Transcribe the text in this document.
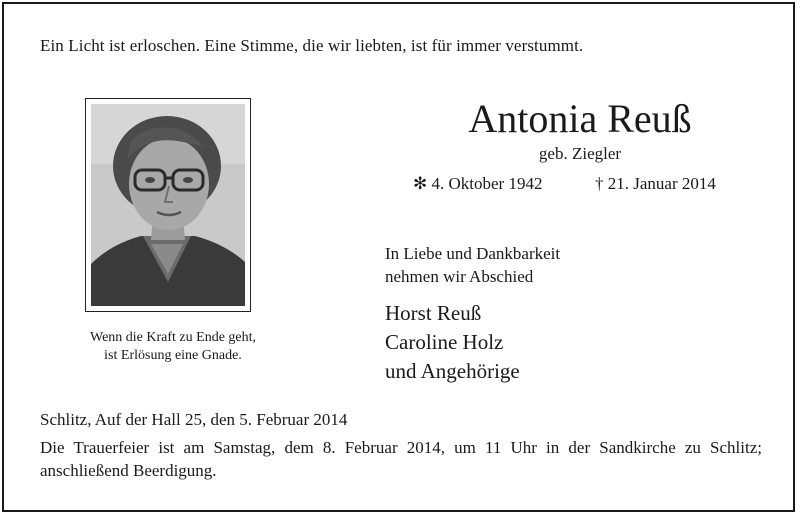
Ein Licht ist erloschen. Eine Stimme, die wir liebten, ist für immer verstummt.
Wenn die Kraft zu Ende geht,
ist Erlösung eine Gnade.
Antonia Reuß
geb. Ziegler
✻ 4. Oktober 1942	† 21. Januar 2014
In Liebe und Dankbarkeit
nehmen wir Abschied
Horst Reuß
Caroline Holz
und Angehörige
Schlitz, Auf der Hall 25, den 5. Februar 2014
Die Trauerfeier ist am Samstag, dem 8. Februar 2014, um 11 Uhr in der Sandkirche zu Schlitz; anschließend Beerdigung.
